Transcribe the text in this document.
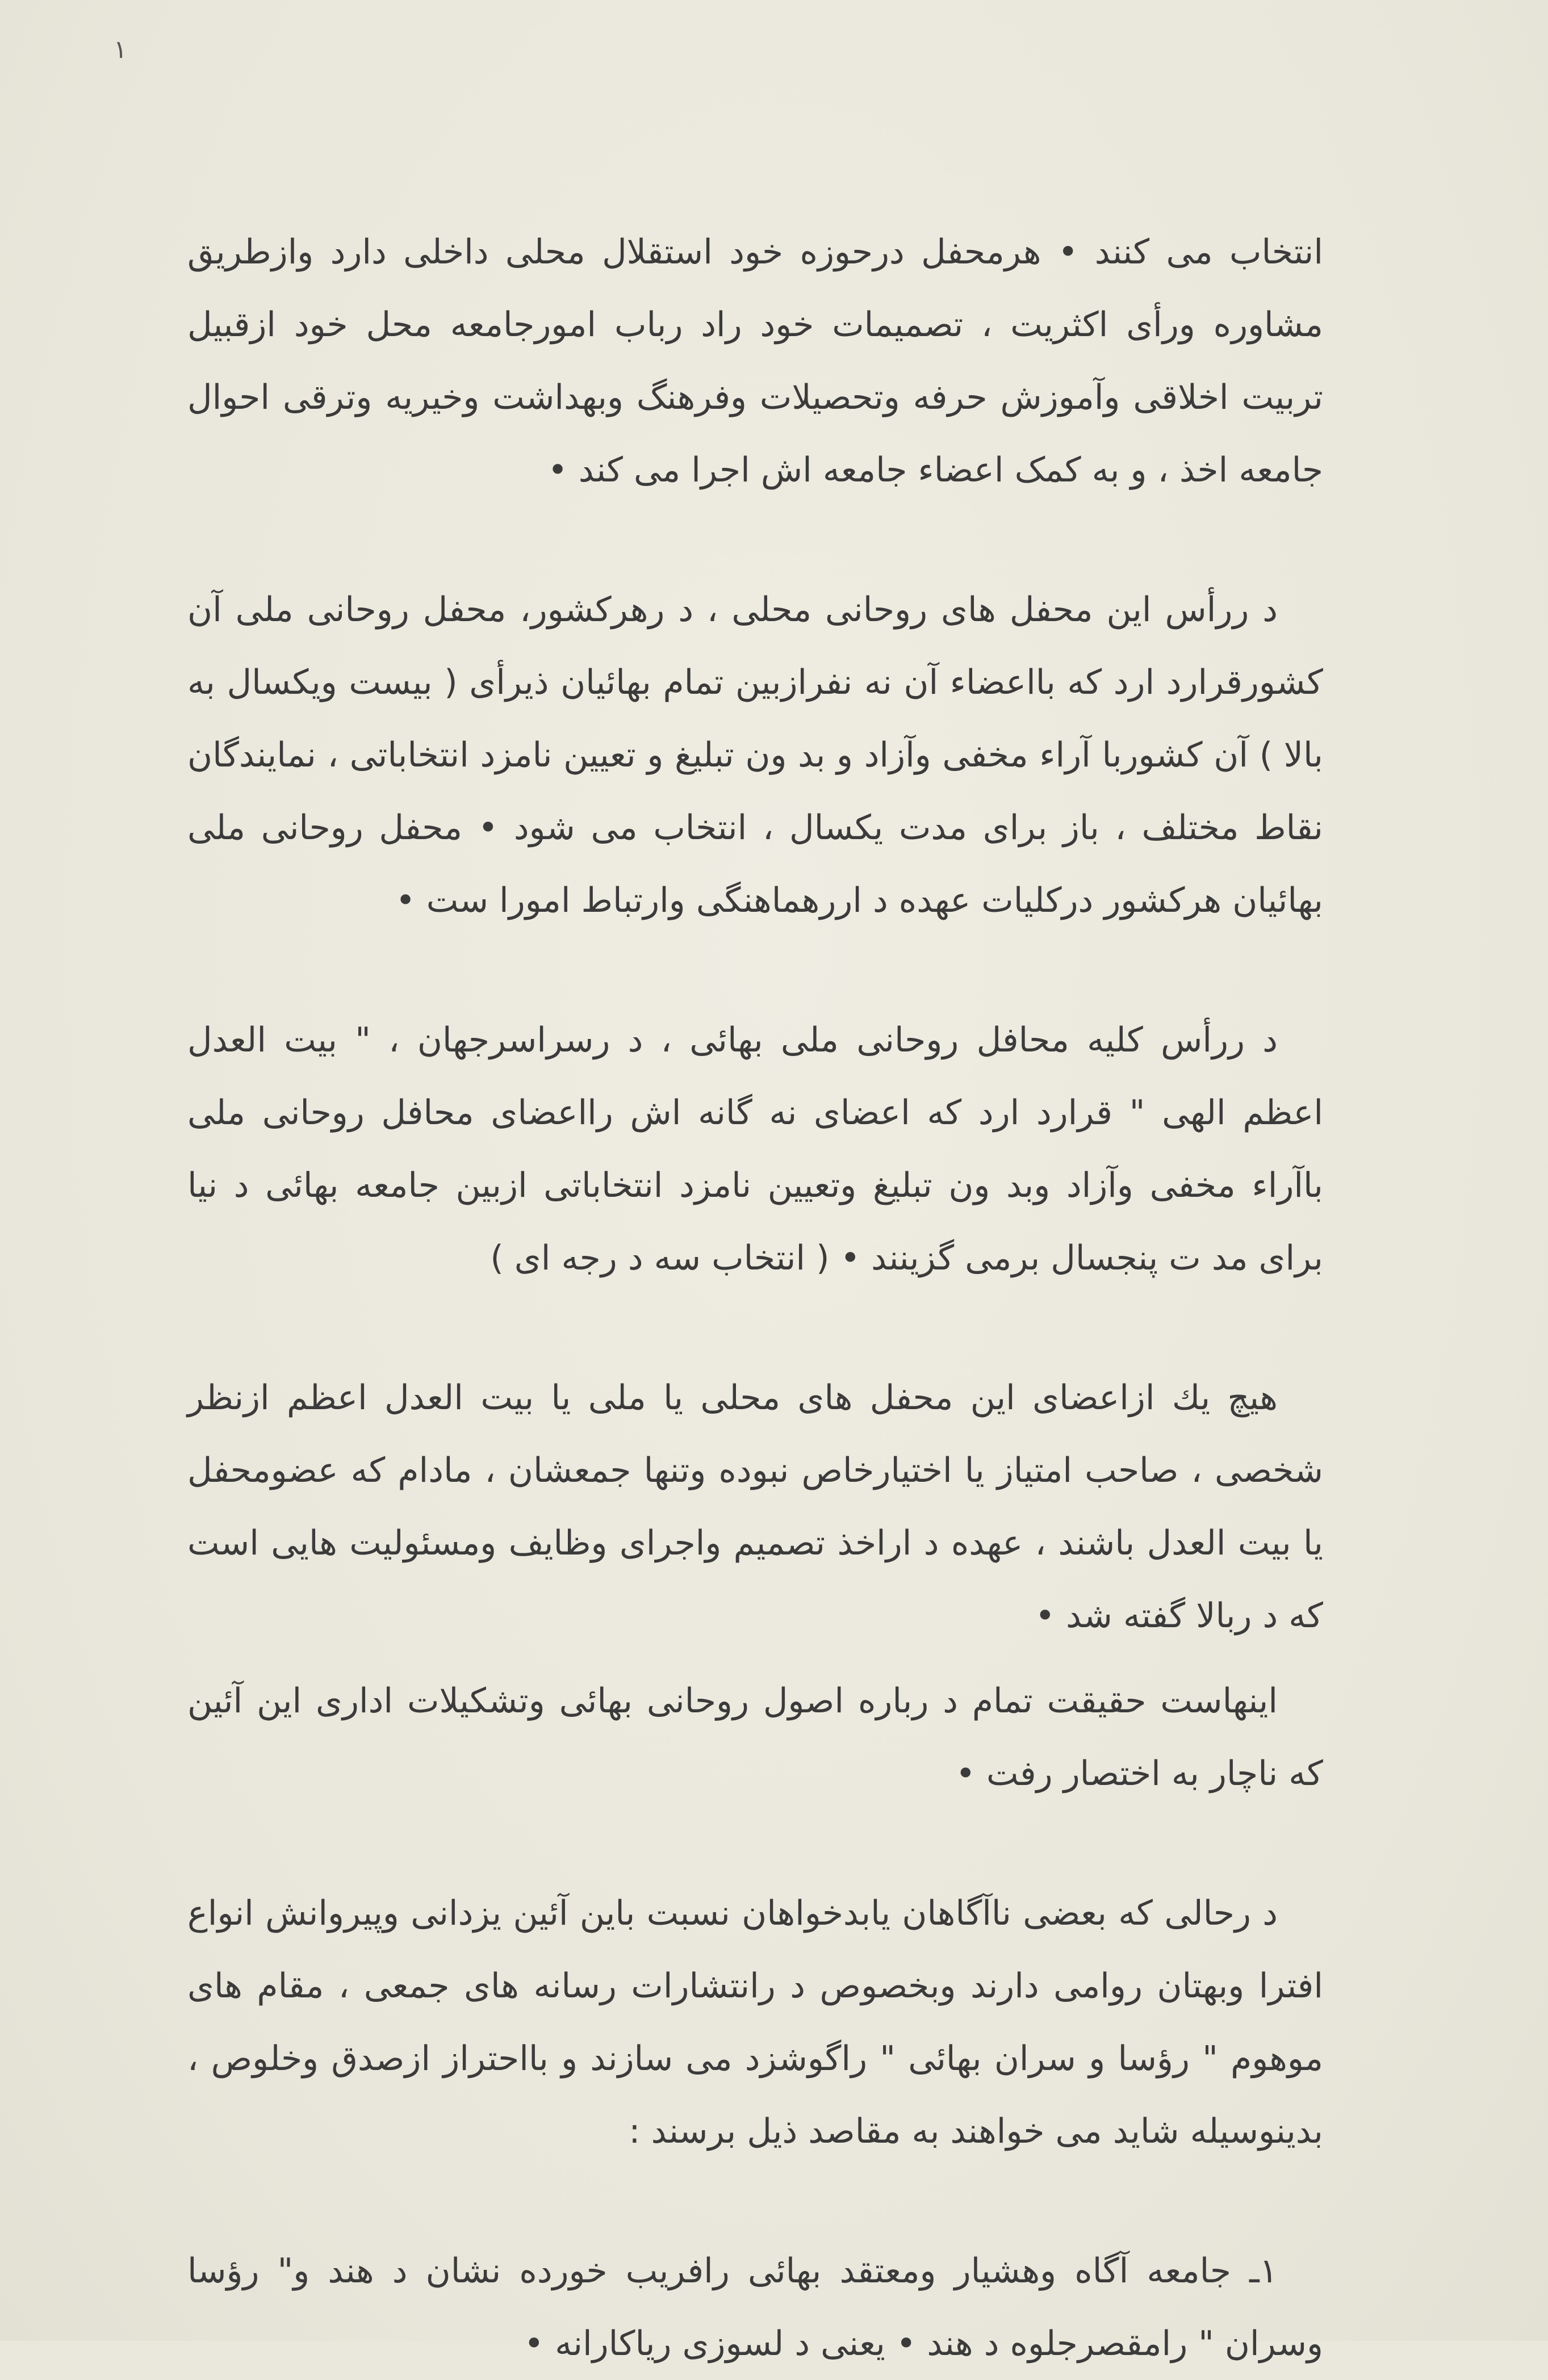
۱

انتخاب می کنند • هرمحفل درحوزه خود استقلال محلی داخلی دارد وازطریق مشاوره ورأی اکثریت ، تصمیمات خود راد رباب امورجامعه محل خود ازقبیل تربیت اخلاقی وآموزش حرفه وتحصیلات وفرهنگ وبهداشت وخیریه وترقی احوال جامعه اخذ ، و به کمک اعضاء جامعه اش اجرا می کند •

د ررأس این محفل های روحانی محلی ، د رهرکشور، محفل روحانی ملی آن کشورقرارد ارد که بااعضاء آن نه نفرازبین تمام بهائیان ذیرأی ( بیست ویکسال به بالا ) آن کشوربا آراء مخفی وآزاد و بد ون تبلیغ و تعیین نامزد انتخاباتی ، نمایندگان نقاط مختلف ، باز برای مدت یکسال ، انتخاب می شود • محفل روحانی ملی بهائیان هرکشور دركليات عهده د اررهماهنگی وارتباط امورا ست •

د ررأس کلیه محافل روحانی ملی بهائی ، د رسراسرجهان ، " بیت العدل اعظم الهی " قرارد ارد که اعضای نه گانه اش رااعضای محافل روحانی ملی باآراء مخفی وآزاد وبد ون تبلیغ وتعیین نامزد انتخاباتی ازبین جامعه بهائی د نیا برای مد ت پنجسال برمی گزینند • ( انتخاب سه د رجه ای )

هیچ یك ازاعضای این محفل های محلی یا ملی یا بیت العدل اعظم ازنظر شخصی ، صاحب امتیاز یا اختیارخاص نبوده وتنها جمعشان ، مادام که عضومحفل یا بیت العدل باشند ، عهده د اراخذ تصمیم واجرای وظایف ومسئولیت هایی است که د ربالا گفته شد •

اینهاست حقیقت تمام د رباره اصول روحانی بهائی وتشکیلات اداری این آئین که ناچار به اختصار رفت •

د رحالی که بعضی ناآگاهان یابدخواهان نسبت باین آئین یزدانی وپیروانش انواع افترا وبهتان روامی دارند وبخصوص د رانتشارات رسانه های جمعی ، مقام های موهوم " رؤسا و سران بهائی " راگوشزد می سازند و بااحتراز ازصدق وخلوص ، بدینوسیله شاید می خواهند به مقاصد ذیل برسند :

۱ـ جامعه آگاه وهشیار ومعتقد بهائی رافریب خورده نشان د هند و" رؤسا وسران " رامقصرجلوه د هند • یعنی د لسوزی ریاکارانه •
